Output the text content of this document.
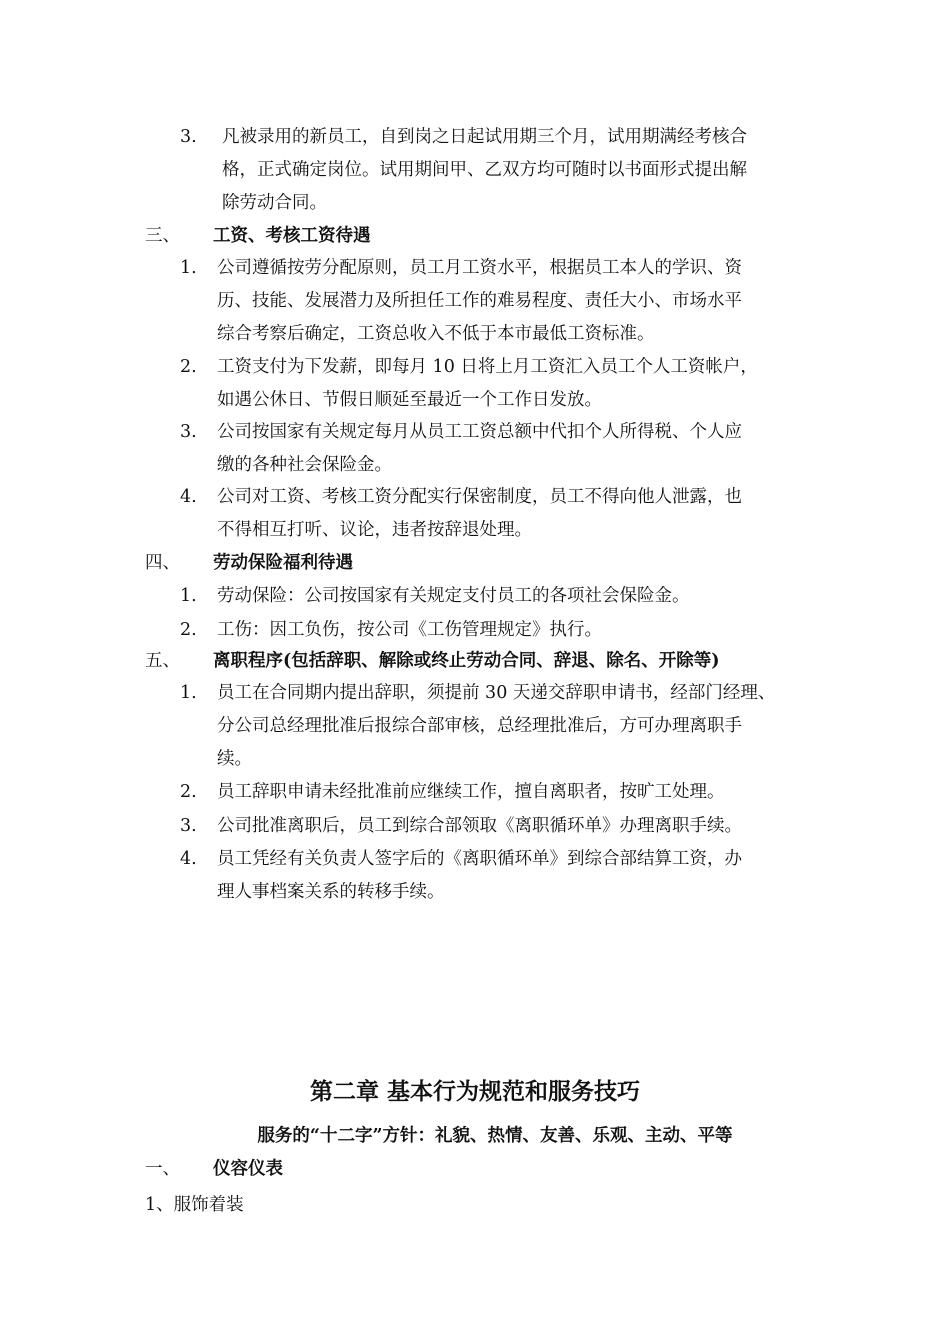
3.	凡被录用的新员工，自到岗之日起试用期三个月，试用期满经考核合
格，正式确定岗位。试用期间甲、乙双方均可随时以书面形式提出解
除劳动合同。
三、 工资、考核工资待遇
1.	公司遵循按劳分配原则，员工月工资水平，根据员工本人的学识、资
历、技能、发展潜力及所担任工作的难易程度、责任大小、市场水平
综合考察后确定，工资总收入不低于本市最低工资标准。
2.	工资支付为下发薪，即每月 10 日将上月工资汇入员工个人工资帐户，
如遇公休日、节假日顺延至最近一个工作日发放。
3.	公司按国家有关规定每月从员工工资总额中代扣个人所得税、个人应
缴的各种社会保险金。
4.	公司对工资、考核工资分配实行保密制度，员工不得向他人泄露，也
不得相互打听、议论，违者按辞退处理。
四、 劳动保险福利待遇
1.	劳动保险：公司按国家有关规定支付员工的各项社会保险金。
2.	工伤：因工负伤，按公司《工伤管理规定》执行。
五、 离职程序(包括辞职、解除或终止劳动合同、辞退、除名、开除等)
1.	员工在合同期内提出辞职，须提前 30 天递交辞职申请书，经部门经理、
分公司总经理批准后报综合部审核，总经理批准后，方可办理离职手
续。
2.	员工辞职申请未经批准前应继续工作，擅自离职者，按旷工处理。
3.	公司批准离职后，员工到综合部领取《离职循环单》办理离职手续。
4.	员工凭经有关负责人签字后的《离职循环单》到综合部结算工资，办
理人事档案关系的转移手续。
第二章 基本行为规范和服务技巧
服务的“十二字”方针：礼貌、热情、友善、乐观、主动、平等
一、 仪容仪表
1、服饰着装
